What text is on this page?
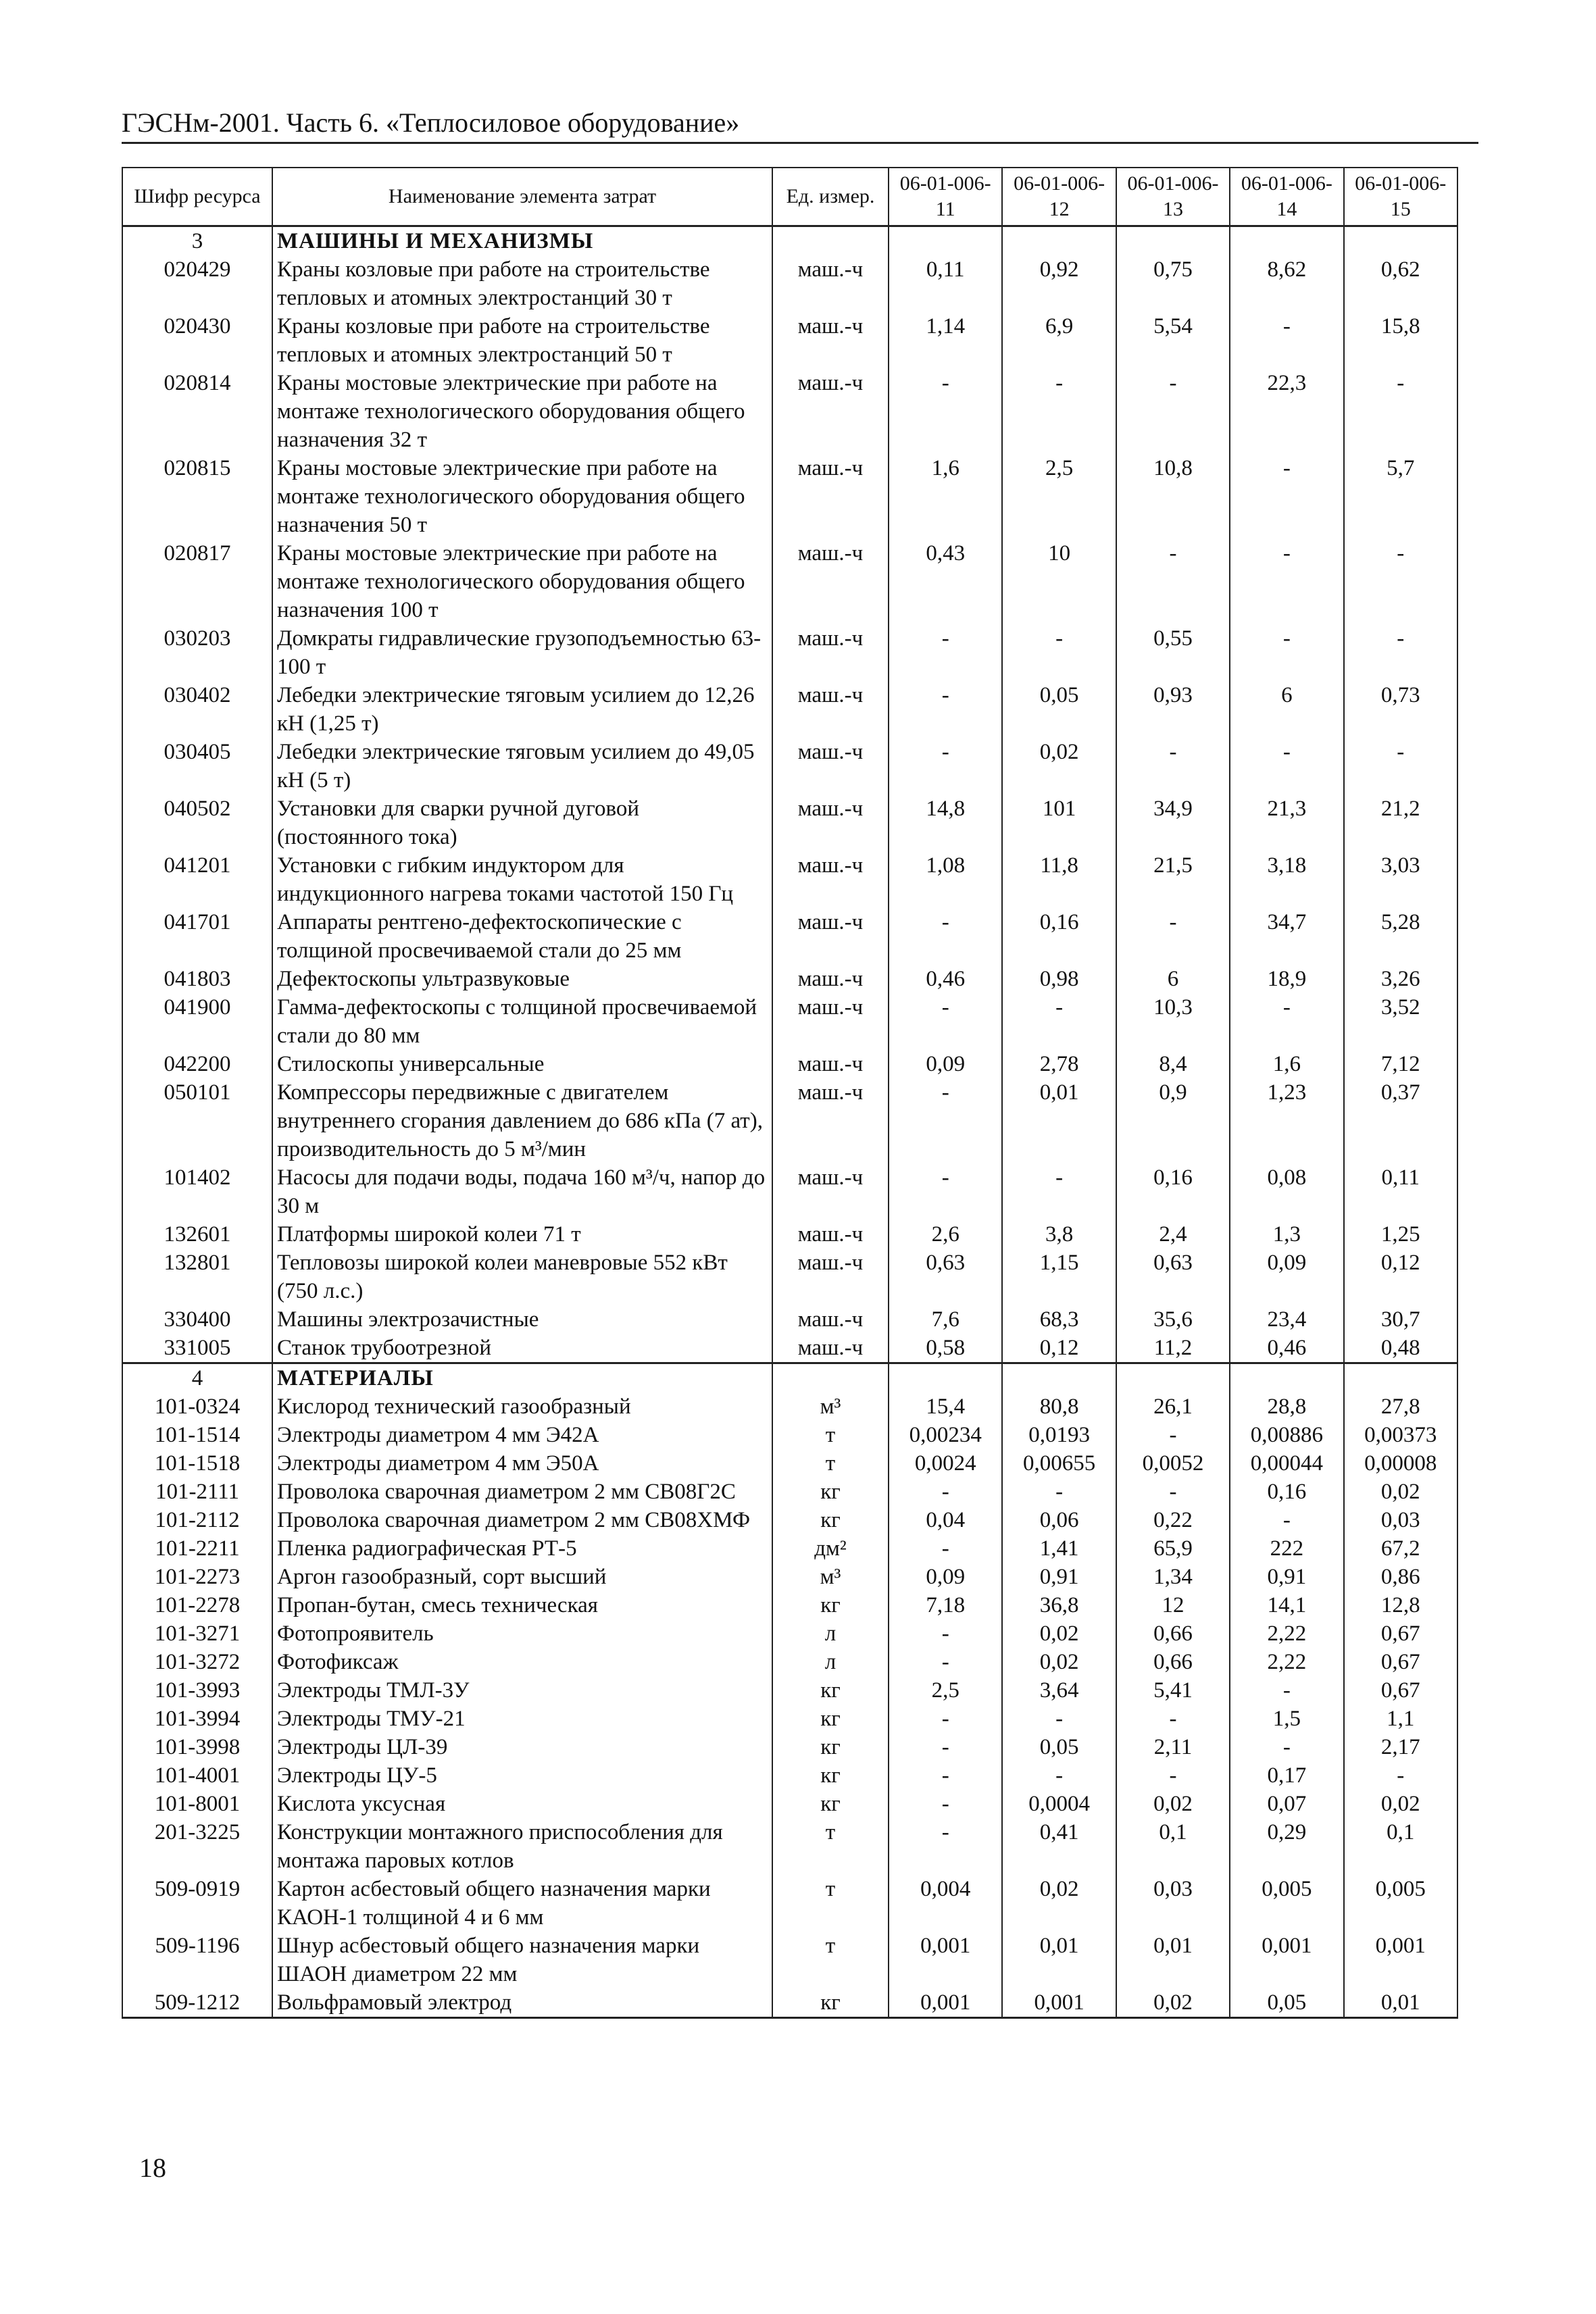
ГЭСНм-2001. Часть 6. «Теплосиловое оборудование»
Шифр ресурса	Наименование элемента затрат	Ед. измер.	06-01-006-11	06-01-006-12	06-01-006-13	06-01-006-14	06-01-006-15
3	МАШИНЫ И МЕХАНИЗМЫ						
020429	Краны козловые при работе на строительстве тепловых и атомных электростанций 30 т	маш.-ч	0,11	0,92	0,75	8,62	0,62
020430	Краны козловые при работе на строительстве тепловых и атомных электростанций 50 т	маш.-ч	1,14	6,9	5,54	-	15,8
020814	Краны мостовые электрические при работе на монтаже технологического оборудования общего назначения 32 т	маш.-ч	-	-	-	22,3	-
020815	Краны мостовые электрические при работе на монтаже технологического оборудования общего назначения 50 т	маш.-ч	1,6	2,5	10,8	-	5,7
020817	Краны мостовые электрические при работе на монтаже технологического оборудования общего назначения 100 т	маш.-ч	0,43	10	-	-	-
030203	Домкраты гидравлические грузоподъемностью 63-100 т	маш.-ч	-	-	0,55	-	-
030402	Лебедки электрические тяговым усилием до 12,26 кН (1,25 т)	маш.-ч	-	0,05	0,93	6	0,73
030405	Лебедки электрические тяговым усилием до 49,05 кН (5 т)	маш.-ч	-	0,02	-	-	-
040502	Установки для сварки ручной дуговой (постоянного тока)	маш.-ч	14,8	101	34,9	21,3	21,2
041201	Установки с гибким индуктором для индукционного нагрева токами частотой 150 Гц	маш.-ч	1,08	11,8	21,5	3,18	3,03
041701	Аппараты рентгено-дефектоскопические с толщиной просвечиваемой стали до 25 мм	маш.-ч	-	0,16	-	34,7	5,28
041803	Дефектоскопы ультразвуковые	маш.-ч	0,46	0,98	6	18,9	3,26
041900	Гамма-дефектоскопы с толщиной просвечиваемой стали до 80 мм	маш.-ч	-	-	10,3	-	3,52
042200	Стилоскопы универсальные	маш.-ч	0,09	2,78	8,4	1,6	7,12
050101	Компрессоры передвижные с двигателем внутреннего сгорания давлением до 686 кПа (7 ат), производительность до 5 м³/мин	маш.-ч	-	0,01	0,9	1,23	0,37
101402	Насосы для подачи воды, подача 160 м³/ч, напор до 30 м	маш.-ч	-	-	0,16	0,08	0,11
132601	Платформы широкой колеи 71 т	маш.-ч	2,6	3,8	2,4	1,3	1,25
132801	Тепловозы широкой колеи маневровые 552 кВт (750 л.с.)	маш.-ч	0,63	1,15	0,63	0,09	0,12
330400	Машины электрозачистные	маш.-ч	7,6	68,3	35,6	23,4	30,7
331005	Станок трубоотрезной	маш.-ч	0,58	0,12	11,2	0,46	0,48
4	МАТЕРИАЛЫ						
101-0324	Кислород технический газообразный	м³	15,4	80,8	26,1	28,8	27,8
101-1514	Электроды диаметром 4 мм Э42А	т	0,00234	0,0193	-	0,00886	0,00373
101-1518	Электроды диаметром 4 мм Э50А	т	0,0024	0,00655	0,0052	0,00044	0,00008
101-2111	Проволока сварочная диаметром 2 мм СВ08Г2С	кг	-	-	-	0,16	0,02
101-2112	Проволока сварочная диаметром 2 мм СВ08ХМФ	кг	0,04	0,06	0,22	-	0,03
101-2211	Пленка радиографическая РТ-5	дм²	-	1,41	65,9	222	67,2
101-2273	Аргон газообразный, сорт высший	м³	0,09	0,91	1,34	0,91	0,86
101-2278	Пропан-бутан, смесь техническая	кг	7,18	36,8	12	14,1	12,8
101-3271	Фотопроявитель	л	-	0,02	0,66	2,22	0,67
101-3272	Фотофиксаж	л	-	0,02	0,66	2,22	0,67
101-3993	Электроды ТМЛ-3У	кг	2,5	3,64	5,41	-	0,67
101-3994	Электроды ТМУ-21	кг	-	-	-	1,5	1,1
101-3998	Электроды ЦЛ-39	кг	-	0,05	2,11	-	2,17
101-4001	Электроды ЦУ-5	кг	-	-	-	0,17	-
101-8001	Кислота уксусная	кг	-	0,0004	0,02	0,07	0,02
201-3225	Конструкции монтажного приспособления для монтажа паровых котлов	т	-	0,41	0,1	0,29	0,1
509-0919	Картон асбестовый общего назначения марки КАОН-1 толщиной 4 и 6 мм	т	0,004	0,02	0,03	0,005	0,005
509-1196	Шнур асбестовый общего назначения марки ШАОН диаметром 22 мм	т	0,001	0,01	0,01	0,001	0,001
509-1212	Вольфрамовый электрод	кг	0,001	0,001	0,02	0,05	0,01
18
